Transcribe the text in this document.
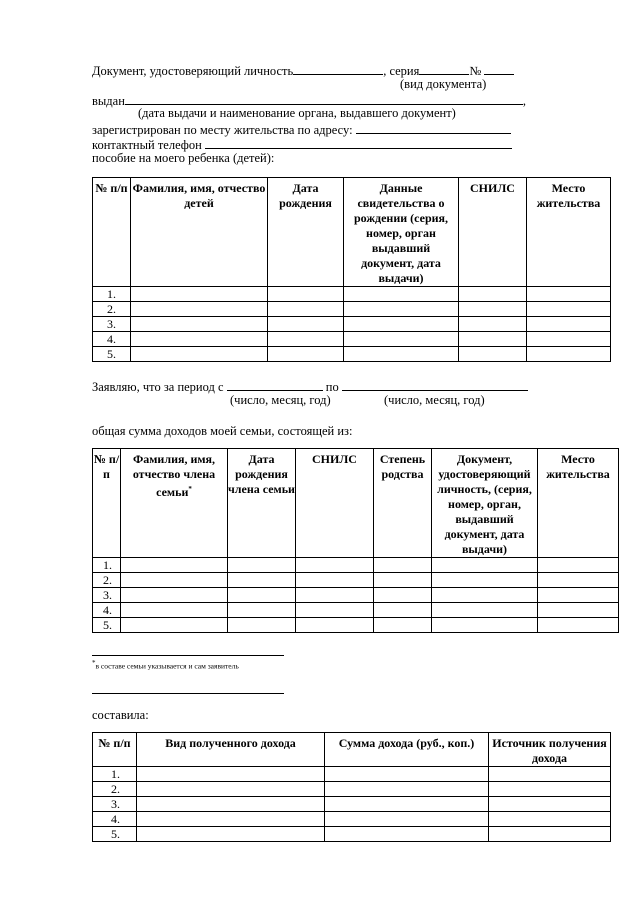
Документ, удостоверяющий личность	, серия	№
(вид документа)
выдан	,
(дата выдачи и наименование органа, выдавшего документ)
зарегистрирован по месту жительства по адресу:
контактный телефон
пособие на моего ребенка (детей):
№ п/п	Фамилия, имя, отчество детей	Дата рождения	Данные свидетельства о рождении (серия, номер, орган выдавший документ, дата выдачи)	СНИЛС	Место жительства
1.					
2.					
3.					
4.					
5.					
Заявляю, что за период с	по
(число, месяц, год)	(число, месяц, год)
общая сумма доходов моей семьи, состоящей из:
№ п/п	Фамилия, имя, отчество члена семьи*	Дата рождения члена семьи	СНИЛС	Степень родства	Документ, удостоверяющий личность, (серия, номер, орган, выдавший документ, дата выдачи)	Место жительства
1.						
2.						
3.						
4.						
5.						
*в составе семьи указывается и сам заявитель
составила:
№ п/п	Вид полученного дохода	Сумма дохода (руб., коп.)	Источник получения дохода
1.			
2.			
3.			
4.			
5.			
